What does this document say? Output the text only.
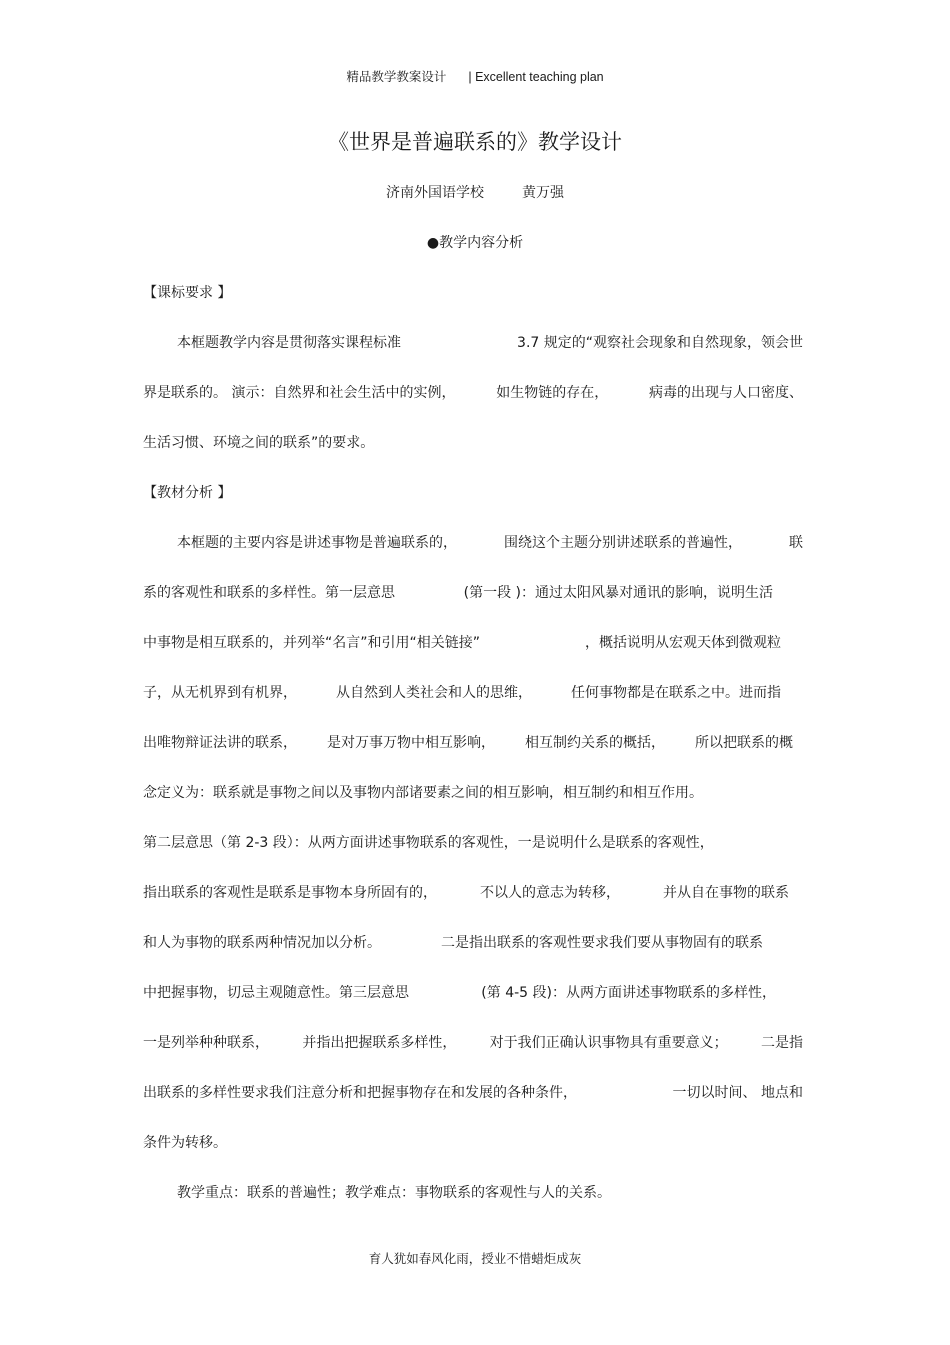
精品教学教案设计 | Excellent teaching plan
《世界是普遍联系的》教学设计
济南外国语学校	黄万强
●教学内容分析
【课标要求 】
本框题教学内容是贯彻落实课程标准	3.7 规定的“观察社会现象和自然现象，领会世
界是联系的。 演示：自然界和社会生活中的实例，	如生物链的存在，	病毒的出现与人口密度、
生活习惯、环境之间的联系”的要求。
【教材分析 】
本框题的主要内容是讲述事物是普遍联系的，	围绕这个主题分别讲述联系的普遍性，	联
系的客观性和联系的多样性。第一层意思	(第一段 )：通过太阳风暴对通讯的影响，说明生活
中事物是相互联系的，并列举“名言”和引用“相关链接”	，概括说明从宏观天体到微观粒
子，从无机界到有机界，	从自然到人类社会和人的思维，	任何事物都是在联系之中。进而指
出唯物辩证法讲的联系， 是对万事万物中相互影响， 相互制约关系的概括， 所以把联系的概
念定义为：联系就是事物之间以及事物内部诸要素之间的相互影响，相互制约和相互作用。
第二层意思（第 2-3 段）：从两方面讲述事物联系的客观性，一是说明什么是联系的客观性，
指出联系的客观性是联系是事物本身所固有的，	不以人的意志为转移，	并从自在事物的联系
和人为事物的联系两种情况加以分析。	二是指出联系的客观性要求我们要从事物固有的联系
中把握事物，切忌主观随意性。第三层意思	(第 4-5 段)：从两方面讲述事物联系的多样性，
一是列举种种联系， 并指出把握联系多样性， 对于我们正确认识事物具有重要意义； 二是指
出联系的多样性要求我们注意分析和把握事物存在和发展的各种条件，	一切以时间、 地点和
条件为转移。
教学重点：联系的普遍性；教学难点：事物联系的客观性与人的关系。
育人犹如春风化雨，授业不惜蜡炬成灰
